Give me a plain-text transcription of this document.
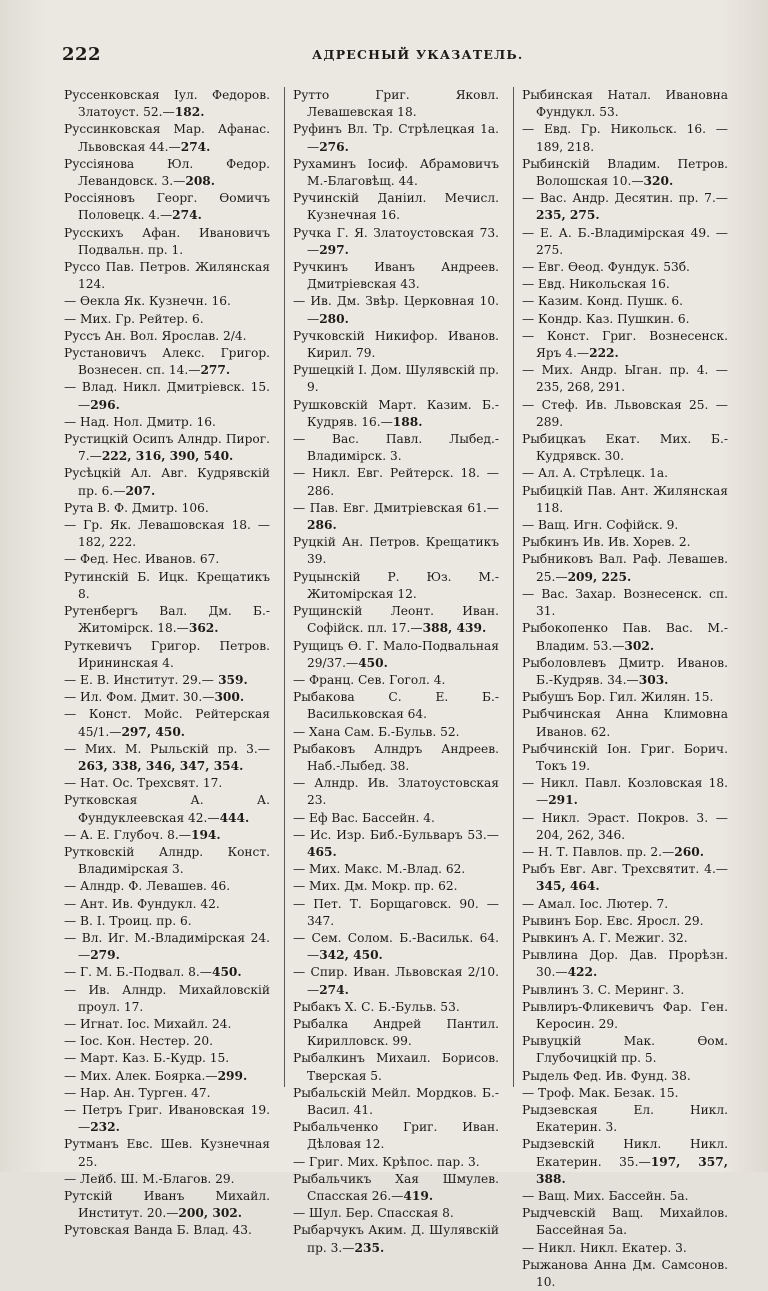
222	АДРЕСНЫЙ УКАЗАТЕЛЬ.
Руссенковская Iул. Федоров. Златоуст. 52.—182.
Руссинковская Мар. Афанас. Львовская 44.—274.
Руссiянова Юл. Федор. Левандовск. 3.—208.
Россiяновъ Георг. Өомичъ Половецк. 4.—274.
Русскихъ Афан. Ивановичъ Подвальн. пр. 1.
Руссо Пав. Петров. Жилянская 124.
— Өекла Як. Кузнечн. 16.
— Мих. Гр. Рейтер. 6.
Руссъ Ан. Вол. Ярослав. 2/4.
Рустановичъ Алекс. Григор. Вознесен. сп. 14.—277.
— Влад. Никл. Дмитрiевск. 15.—296.
— Над. Нол. Дмитр. 16.
Рустицкiй Осипъ Алндр. Пирог. 7.—222, 316, 390, 540.
Русѣцкiй Ал. Авг. Кудрявскiй пр. 6.—207.
Рута В. Ф. Дмитр. 106.
— Гр. Як. Левашовская 18. —182, 222.
— Фед. Нес. Иванов. 67.
Рутинскiй Б. Ицк. Крещатикъ 8.
Рутенбергъ Вал. Дм. Б.-Житомiрск. 18.—362.
Руткевичъ Григор. Петров. Ирининская 4.
— Е. В. Институт. 29.— 359.
— Ил. Фом. Дмит. 30.—300.
— Конст. Мойс. Рейтерская 45/1.—297, 450.
— Мих. М. Рыльскiй пр. 3.— 263, 338, 346, 347, 354.
— Нат. Ос. Трехсвят. 17.
Рутковская А. А. Фундуклеевская 42.—444.
— А. Е. Глубоч. 8.—194.
Рутковскiй Алндр. Конст. Владимiрская 3.
— Алндр. Ф. Левашев. 46.
— Ант. Ив. Фундукл. 42.
— В. I. Троиц. пр. 6.
— Вл. Иг. М.-Владимiрская 24.—279.
— Г. М. Б.-Подвал. 8.—450.
— Ив. Алндр. Михайловскiй проул. 17.
— Игнат. Iос. Михайл. 24.
— Iос. Кон. Нестер. 20.
— Март. Каз. Б.-Кудр. 15.
— Мих. Алек. Боярка.—299.
— Нар. Ан. Турген. 47.
— Петръ Григ. Ивановская 19.—232.
Рутманъ Евс. Шев. Кузнечная 25.
— Лейб. Ш. М.-Благов. 29.
Рутскiй Иванъ Михайл. Институт. 20.—200, 302.
Рутовская Ванда Б. Влад. 43.
Рутто Григ. Яковл. Левашевская 18.
Руфинъ Вл. Тр. Стрѣлецкая 1а.—276.
Рухаминъ Iосиф. Абрамовичъ М.-Благовѣщ. 44.
Ручинскiй Данiил. Мечисл. Кузнечная 16.
Ручка Г. Я. Златоустовская 73.—297.
Ручкинъ Иванъ Андреев. Дмитрiевская 43.
— Ив. Дм. Звѣр. Церковная 10.—280.
Ручковскiй Никифор. Иванов. Кирил. 79.
Рушецкiй I. Дом. Шулявскiй пр. 9.
Рушковскiй Март. Казим. Б.-Кудряв. 16.—188.
— Вас. Павл. Лыбед.-Владимiрск. 3.
— Никл. Евг. Рейтерск. 18. —286.
— Пав. Евг. Дмитрiевская 61.—286.
Руцкiй Ан. Петров. Крещатикъ 39.
Руцынскiй Р. Юз. М.-Житомiрская 12.
Рущинскiй Леонт. Иван. Софiйск. пл. 17.—388, 439.
Рущицъ Ө. Г. Мало-Подвальная 29/37.—450.
— Франц. Сев. Гогол. 4.
Рыбакова С. Е. Б.-Васильковская 64.
— Хана Сам. Б.-Бульв. 52.
Рыбаковъ Алндръ Андреев. Наб.-Лыбед. 38.
— Алндр. Ив. Златоустовская 23.
— Еф Вас. Бассейн. 4.
— Ис. Изр. Биб.-Бульваръ 53.—465.
— Мих. Макс. М.-Влад. 62.
— Мих. Дм. Мокр. пр. 62.
— Пет. Т. Борщаговск. 90. —347.
— Сем. Солом. Б.-Васильк. 64.—342, 450.
— Спир. Иван. Львовская 2/10.—274.
Рыбакъ Х. С. Б.-Бульв. 53.
Рыбалка Андрей Пантил. Кирилловск. 99.
Рыбалкинъ Михаил. Борисов. Тверская 5.
Рыбальскiй Мейл. Мордков. Б.-Васил. 41.
Рыбальченко Григ. Иван. Дѣловая 12.
— Григ. Мих. Крѣпос. пар. 3.
Рыбальчикъ Хая Шмулев. Спасская 26.—419.
— Шул. Бер. Спасская 8.
Рыбарчукъ Аким. Д. Шулявскiй пр. 3.—235.
Рыбинская Натал. Ивановна Фундукл. 53.
— Евд. Гр. Никольск. 16. — 189, 218.
Рыбинскiй Владим. Петров. Волошская 10.—320.
— Вас. Андр. Десятин. пр. 7.—235, 275.
— Е. А. Б.-Владимiрская 49. —275.
— Евг. Өеод. Фундук. 53б.
— Евд. Никольская 16.
— Казим. Конд. Пушк. 6.
— Кондр. Каз. Пушкин. 6.
— Конст. Григ. Вознесенск. Яръ 4.—222.
— Мих. Андр. Ыган. пр. 4. —235, 268, 291.
— Стеф. Ив. Львовская 25. —289.
Рыбицкаъ Екат. Мих. Б.-Кудрявск. 30.
— Ал. А. Стрѣлецк. 1а.
Рыбицкiй Пав. Ант. Жилянская 118.
— Ващ. Игн. Софiйск. 9.
Рыбкинъ Ив. Ив. Хорев. 2.
Рыбниковъ Вал. Раф. Левашев. 25.—209, 225.
— Вас. Захар. Вознесенск. сп. 31.
Рыбокопенко Пав. Вас. М.-Владим. 53.—302.
Рыболовлевъ Дмитр. Иванов. Б.-Кудряв. 34.—303.
Рыбушъ Бор. Гил. Жилян. 15.
Рыбчинская Анна Климовна Иванов. 62.
Рыбчинскiй Iон. Григ. Борич. Токъ 19.
— Никл. Павл. Козловская 18.—291.
— Никл. Эраст. Покров. 3. —204, 262, 346.
— Н. Т. Павлов. пр. 2.—260.
Рыбъ Евг. Авг. Трехсвятит. 4.—345, 464.
— Амал. Iос. Лютер. 7.
Рывинъ Бор. Евс. Яросл. 29.
Рывкинъ А. Г. Межиг. 32.
Рывлина Дор. Дав. Прорѣзн. 30.—422.
Рывлинъ З. С. Меринг. 3.
Рывлиръ-Фликевичъ Фар. Ген. Керосин. 29.
Рывуцкiй Мак. Өом. Глубочицкiй пр. 5.
Рыдель Фед. Ив. Фунд. 38.
— Троф. Мак. Безак. 15.
Рыдзевская Ел. Никл. Екатерин. 3.
Рыдзевскiй Никл. Никл. Екатерин. 35.—197, 357, 388.
— Ващ. Мих. Бассейн. 5а.
Рыдчевскiй Ващ. Михайлов. Бассейная 5а.
— Никл. Никл. Екатер. 3.
Рыжанова Анна Дм. Самсонов. 10.
